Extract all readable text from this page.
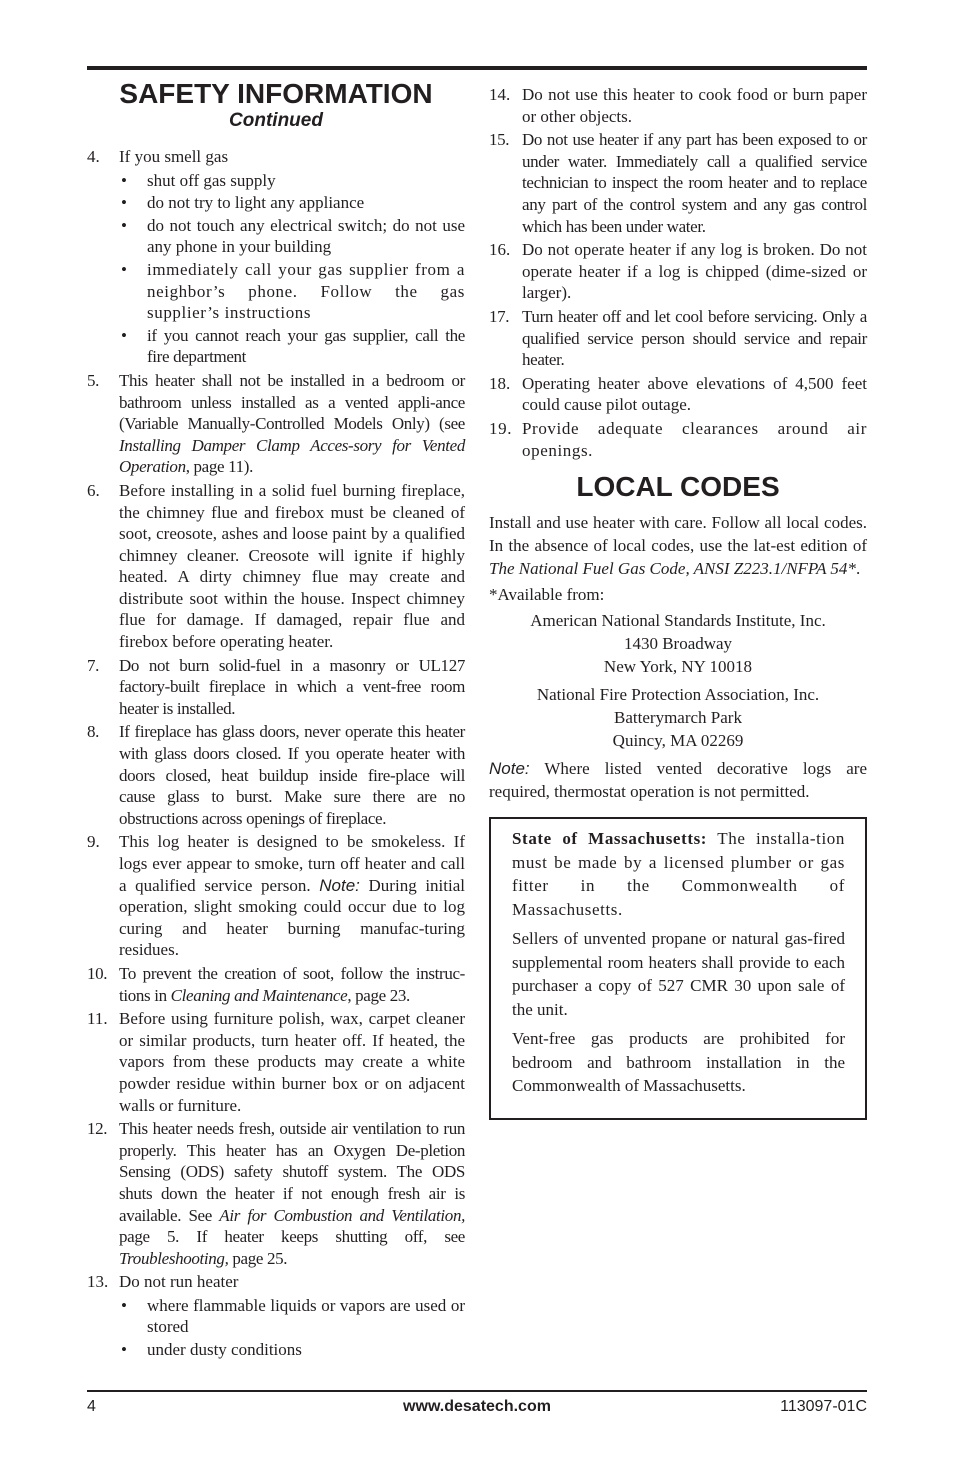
SAFETY INFORMATION
Continued
4. If you smell gas
• shut off gas supply
• do not try to light any appliance
• do not touch any electrical switch; do not use any phone in your building
• immediately call your gas supplier from a neighbor’s phone. Follow the gas supplier’s instructions
• if you cannot reach your gas supplier, call the fire department
5. This heater shall not be installed in a bedroom or bathroom unless installed as a vented appli-ance (Variable Manually-Controlled Models Only) (see Installing Damper Clamp Acces-sory for Vented Operation, page 11).
6. Before installing in a solid fuel burning fireplace, the chimney flue and firebox must be cleaned of soot, creosote, ashes and loose paint by a qualified chimney cleaner. Creosote will ignite if highly heated. A dirty chimney flue may create and distribute soot within the house. Inspect chimney flue for damage. If damaged, repair flue and firebox before operating heater.
7. Do not burn solid-fuel in a masonry or UL127 factory-built fireplace in which a vent-free room heater is installed.
8. If fireplace has glass doors, never operate this heater with glass doors closed. If you operate heater with doors closed, heat buildup inside fire-place will cause glass to burst. Make sure there are no obstructions across openings of fireplace.
9. This log heater is designed to be smokeless. If logs ever appear to smoke, turn off heater and call a qualified service person. Note: During initial operation, slight smoking could occur due to log curing and heater burning manufac-turing residues.
10. To prevent the creation of soot, follow the instruc-tions in Cleaning and Maintenance, page 23.
11. Before using furniture polish, wax, carpet cleaner or similar products, turn heater off. If heated, the vapors from these products may create a white powder residue within burner box or on adjacent walls or furniture.
12. This heater needs fresh, outside air ventilation to run properly. This heater has an Oxygen De-pletion Sensing (ODS) safety shutoff system. The ODS shuts down the heater if not enough fresh air is available. See Air for Combustion and Ventilation, page 5. If heater keeps shutting off, see Troubleshooting, page 25.
13. Do not run heater
• where flammable liquids or vapors are used or stored
• under dusty conditions
14. Do not use this heater to cook food or burn paper or other objects.
15. Do not use heater if any part has been exposed to or under water. Immediately call a qualified service technician to inspect the room heater and to replace any part of the control system and any gas control which has been under water.
16. Do not operate heater if any log is broken. Do not operate heater if a log is chipped (dime-sized or larger).
17. Turn heater off and let cool before servicing. Only a qualified service person should service and repair heater.
18. Operating heater above elevations of 4,500 feet could cause pilot outage.
19. Provide adequate clearances around air openings.
LOCAL CODES

Install and use heater with care. Follow all local codes. In the absence of local codes, use the lat-est edition of The National Fuel Gas Code, ANSI Z223.1/NFPA 54*.

*Available from:

American National Standards Institute, Inc.
1430 Broadway
New York, NY 10018
National Fire Protection Association, Inc.
Batterymarch Park
Quincy, MA 02269

Note: Where listed vented decorative logs are required, thermostat operation is not permitted.

State of Massachusetts: The installa-tion must be made by a licensed plumber or gas fitter in the Commonwealth of Massachusetts.

Sellers of unvented propane or natural gas-fired supplemental room heaters shall provide to each purchaser a copy of 527 CMR 30 upon sale of the unit.

Vent-free gas products are prohibited for bedroom and bathroom installation in the Commonwealth of Massachusetts.

4	www.desatech.com	113097-01C
